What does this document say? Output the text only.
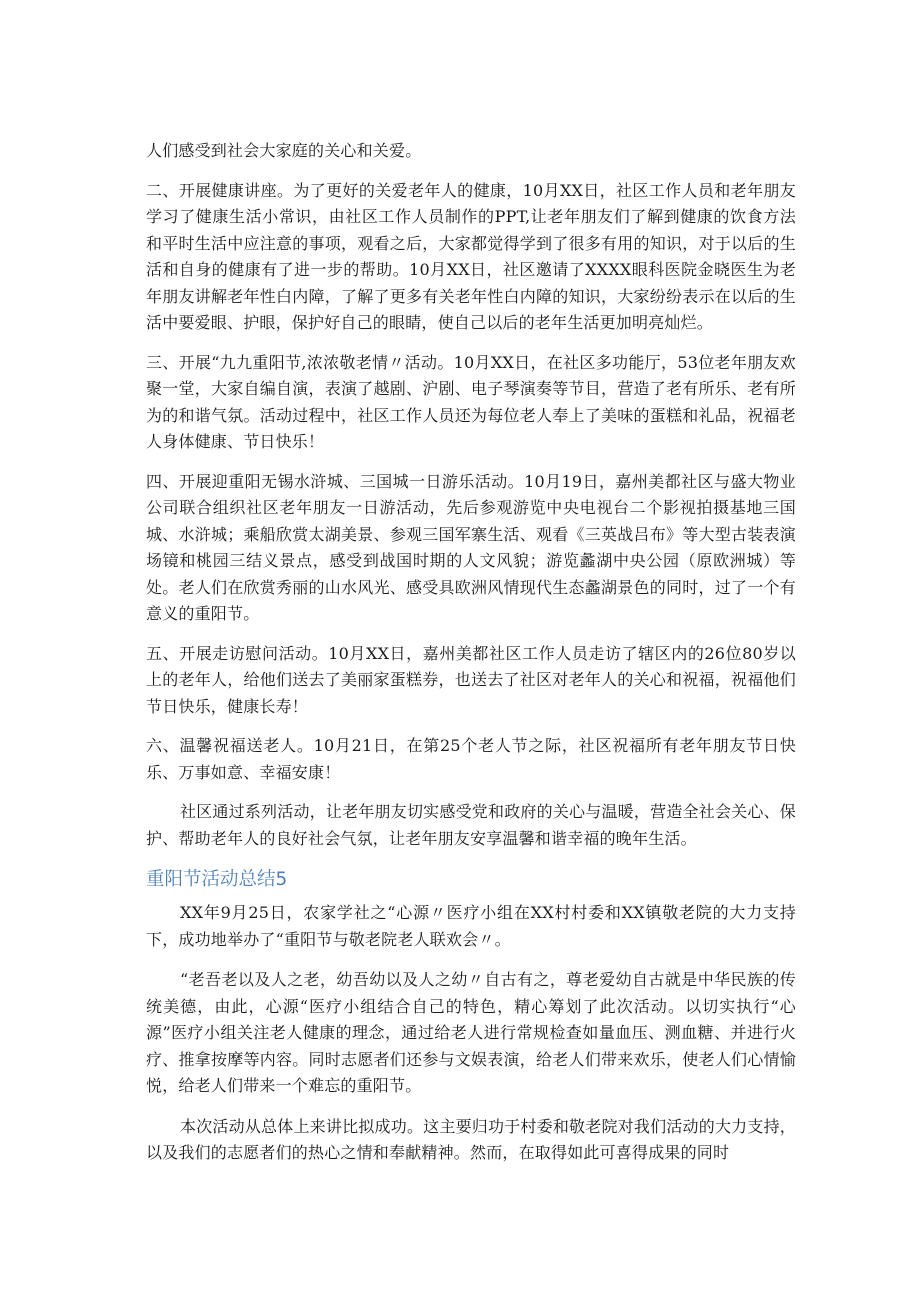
人们感受到社会大家庭的关心和关爱。

二、开展健康讲座。为了更好的关爱老年人的健康，10月XX日，社区工作人员和老年朋友学习了健康生活小常识，由社区工作人员制作的PPT,让老年朋友们了解到健康的饮食方法和平时生活中应注意的事项，观看之后，大家都觉得学到了很多有用的知识，对于以后的生活和自身的健康有了进一步的帮助。10月XX日，社区邀请了XXXX眼科医院金晓医生为老年朋友讲解老年性白内障，了解了更多有关老年性白内障的知识，大家纷纷表示在以后的生活中要爱眼、护眼，保护好自己的眼睛，使自己以后的老年生活更加明亮灿烂。

三、开展“九九重阳节,浓浓敬老情〃活动。10月XX日，在社区多功能厅，53位老年朋友欢聚一堂，大家自编自演，表演了越剧、沪剧、电子琴演奏等节目，营造了老有所乐、老有所为的和谐气氛。活动过程中，社区工作人员还为每位老人奉上了美味的蛋糕和礼品，祝福老人身体健康、节日快乐！

四、开展迎重阳无锡水浒城、三国城一日游乐活动。10月19日，嘉州美都社区与盛大物业公司联合组织社区老年朋友一日游活动，先后参观游览中央电视台二个影视拍摄基地三国城、水浒城；乘船欣赏太湖美景、参观三国军寨生活、观看《三英战吕布》等大型古装表演场镜和桃园三结义景点，感受到战国时期的人文风貌；游览蠡湖中央公园（原欧洲城）等处。老人们在欣赏秀丽的山水风光、感受具欧洲风情现代生态蠡湖景色的同时，过了一个有意义的重阳节。

五、开展走访慰问活动。10月XX日，嘉州美都社区工作人员走访了辖区内的26位80岁以上的老年人，给他们送去了美丽家蛋糕券，也送去了社区对老年人的关心和祝福，祝福他们节日快乐，健康长寿！

六、温馨祝福送老人。10月21日，在第25个老人节之际，社区祝福所有老年朋友节日快乐、万事如意、幸福安康！

社区通过系列活动，让老年朋友切实感受党和政府的关心与温暖，营造全社会关心、保护、帮助老年人的良好社会气氛，让老年朋友安享温馨和谐幸福的晚年生活。

重阳节活动总结5

XX年9月25日，农家学社之“心源〃医疗小组在XX村村委和XX镇敬老院的大力支持下，成功地举办了“重阳节与敬老院老人联欢会〃。

“老吾老以及人之老，幼吾幼以及人之幼〃自古有之，尊老爱幼自古就是中华民族的传统美德，由此，心源“医疗小组结合自己的特色，精心筹划了此次活动。以切实执行“心源”医疗小组关注老人健康的理念，通过给老人进行常规检查如量血压、测血糖、并进行火疗、推拿按摩等内容。同时志愿者们还参与文娱表演，给老人们带来欢乐，使老人们心情愉悦，给老人们带来一个难忘的重阳节。

本次活动从总体上来讲比拟成功。这主要归功于村委和敬老院对我们活动的大力支持，以及我们的志愿者们的热心之情和奉献精神。然而，在取得如此可喜得成果的同时
